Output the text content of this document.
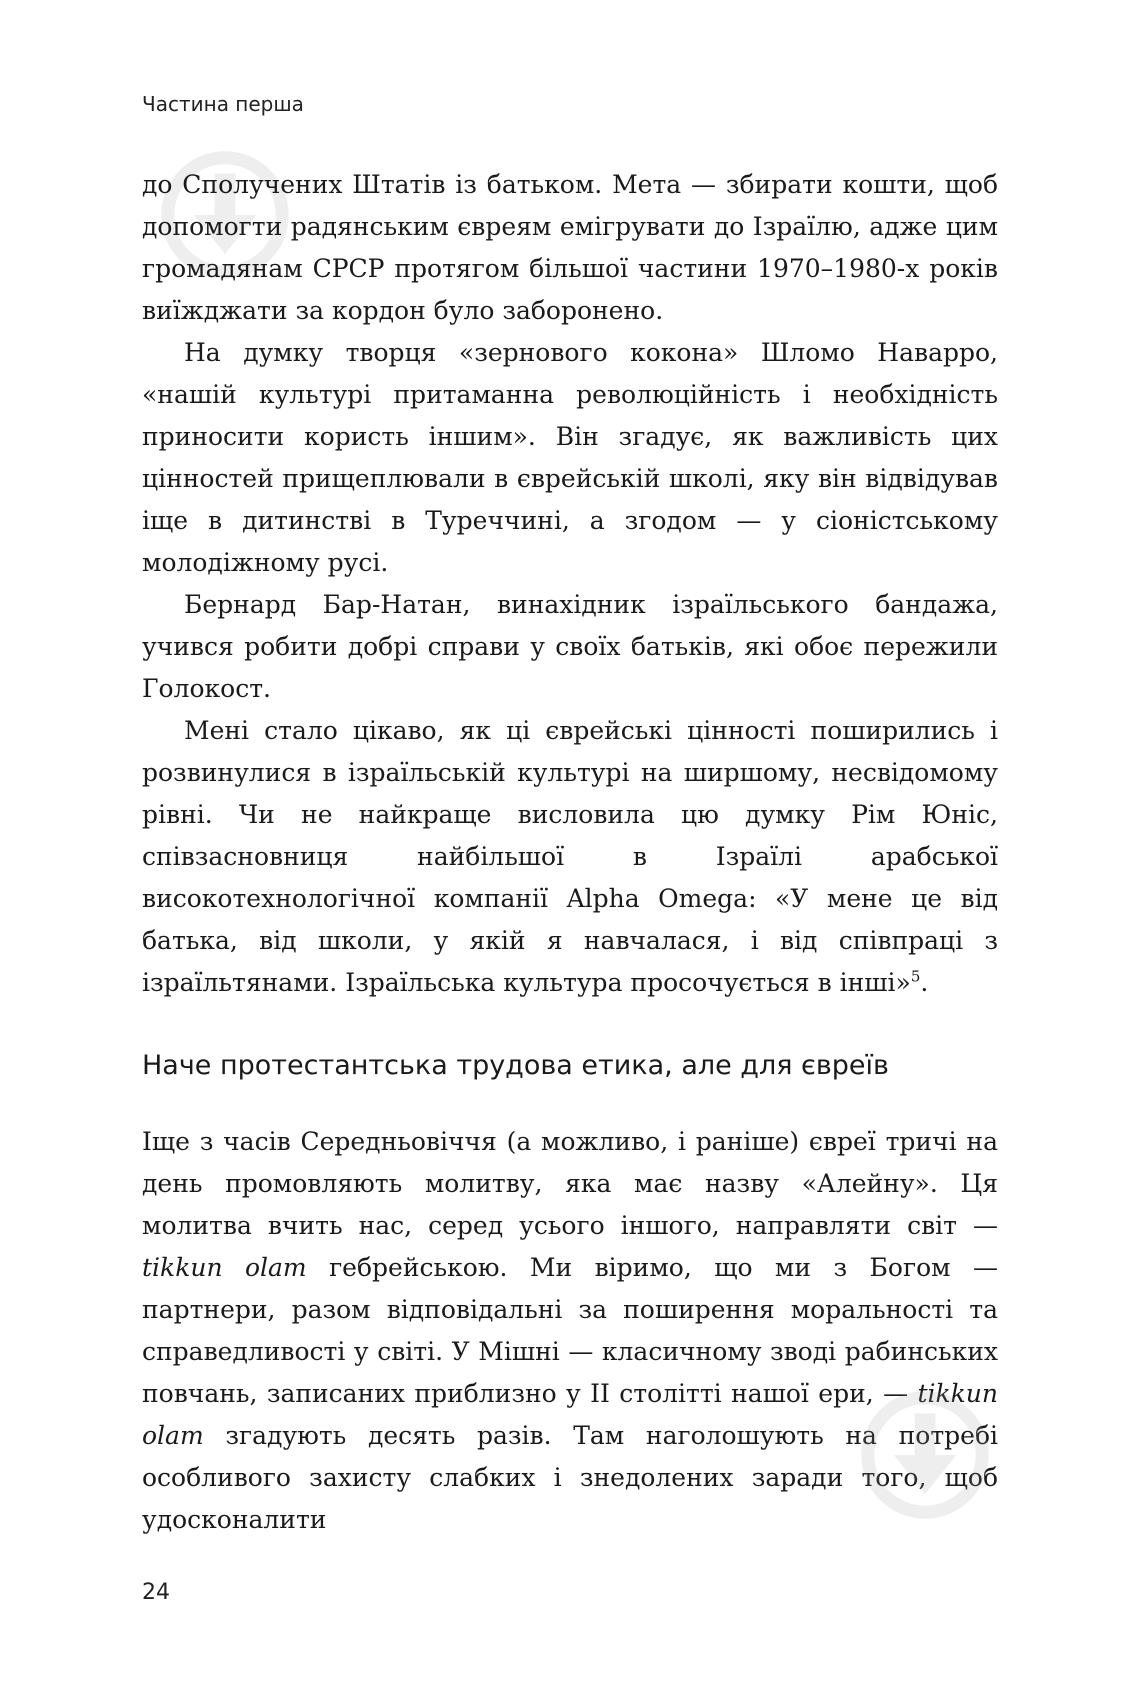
Частина перша

до Сполучених Штатів із батьком. Мета — збирати кошти, щоб допомогти радянським євреям емігрувати до Ізраїлю, адже цим громадянам СРСР протягом більшої частини 1970–1980-х років виїжджати за кордон було заборонено.

На думку творця «зернового кокона» Шломо Наварро, «нашій культурі притаманна революційність і необхідність приносити користь іншим». Він згадує, як важливість цих цінностей прищеплювали в єврейській школі, яку він відвідував іще в дитинстві в Туреччині, а згодом — у сіоністському молодіжному русі.

Бернард Бар-Натан, винахідник ізраїльського бандажа, учився робити добрі справи у своїх батьків, які обоє пережили Голокост.

Мені стало цікаво, як ці єврейські цінності поширились і розвинулися в ізраїльській культурі на ширшому, несвідомому рівні. Чи не найкраще висловила цю думку Рім Юніс, співзасновниця найбільшої в Ізраїлі арабської високотехнологічної компанії Alpha Omega: «У мене це від батька, від школи, у якій я навчалася, і від співпраці з ізраїльтянами. Ізраїльська культура просочується в інші»$^5$.

Наче протестантська трудова етика, але для євреїв

Іще з часів Середньовіччя (а можливо, і раніше) євреї тричі на день промовляють молитву, яка має назву «Алейну». Ця молитва вчить нас, серед усього іншого, направляти світ — tikkun olam гебрейською. Ми віримо, що ми з Богом — партнери, разом відповідальні за поширення моральності та справедливості у світі. У Мішні — класичному зводі рабинських повчань, записаних приблизно у II столітті нашої ери, — tikkun olam згадують десять разів. Там наголошують на потребі особливого захисту слабких і знедолених заради того, щоб удосконалити

24
